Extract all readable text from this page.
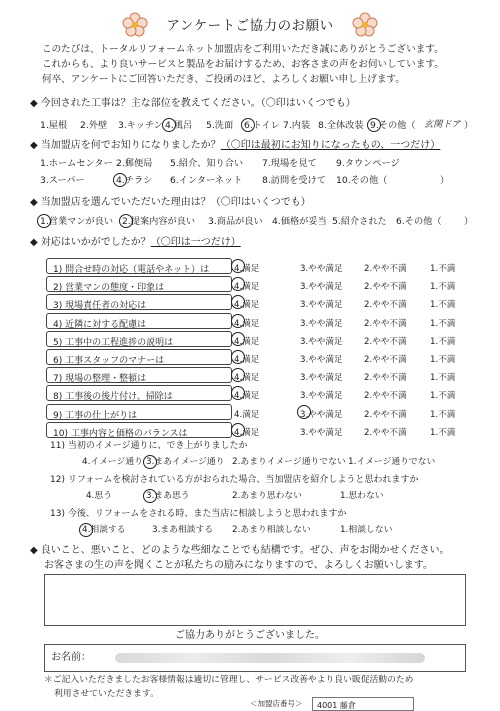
アンケートご協力のお願い
このたびは、トータルリフォームネット加盟店をご利用いただき誠にありがとうございます。
これからも、より良いサービスと製品をお届けするため、お客さまの声をお伺いしています。
何卒、アンケートにご回答いただき、ご投函のほど、よろしくお願い申し上げます。
◆ 今回された工事は？主な部位を教えてください。（〇印はいくつでも）
1.屋根 2.外壁 3.キッチン 4.風呂 5.洗面 6.トイレ 7.内装 8.全体改装 9.その他（ 玄関ドア ）
◆ 当加盟店を何でお知りになりましたか？（〇印は最初にお知りになったもの、一つだけ）
1.ホームセンター 2.郵便局 5.紹介、知り合い 7.現場を見て 9.タウンページ
3.スーパー	4.チラシ 6.インターネット 8.訪問を受けて 10.その他（	）
◆ 当加盟店を選んでいただいた理由は？（〇印はいくつでも）
1.営業マンが良い 2.提案内容が良い 3.商品が良い 4.価格が妥当 5.紹介された 6.その他（ ）
◆ 対応はいかがでしたか？（〇印は一つだけ）
1) 問合せ時の対応（電話やネット）は	4.満足	3.やや満足 2.やや不満	1.不満
2) 営業マンの態度・印象は	4.満足	3.やや満足 2.やや不満	1.不満
3) 現場責任者の対応は	4.満足	3.やや満足 2.やや不満	1.不満
4) 近隣に対する配慮は	4.満足	3.やや満足 2.やや不満	1.不満
5) 工事中の工程進捗の説明は	4.満足	3.やや満足 2.やや不満	1.不満
6) 工事スタッフのマナーは	4.満足	3.やや満足 2.やや不満	1.不満
7) 現場の整理・整頓は	4.満足	3.やや満足 2.やや不満	1.不満
8) 工事後の後片付け、掃除は	4.満足	3.やや満足 2.やや不満	1.不満
9) 工事の仕上がりは	4.満足	3.やや満足 2.やや不満	1.不満
10) 工事内容と価格のバランスは	4.満足	3.やや満足 2.やや不満	1.不満
11) 当初のイメージ通りに、でき上がりましたか
4.イメージ通り 3.まあイメージ通り 2.あまりイメージ通りでない 1.イメージ通りでない
12) リフォームを検討されている方がおられた場合、当加盟店を紹介しようと思われますか
4.思う	3.まあ思う	2.あまり思わない	1.思わない
13) 今後、リフォームをされる時、また当店に相談しようと思われますか
4.相談する	3.まあ相談する 2.あまり相談しない	1.相談しない
◆ 良いこと、悪いこと、どのような些細なことでも結構です。ぜひ、声をお聞かせください。
お客さまの生の声を聞くことが私たちの励みになりますので、よろしくお願いします。
ご協力ありがとうございました。
お名前：
＊ご記入いただきましたお客様情報は適切に管理し、サービス改善やより良い販促活動のため
利用させていただきます。
＜加盟店番号＞ 4001 藤倉
